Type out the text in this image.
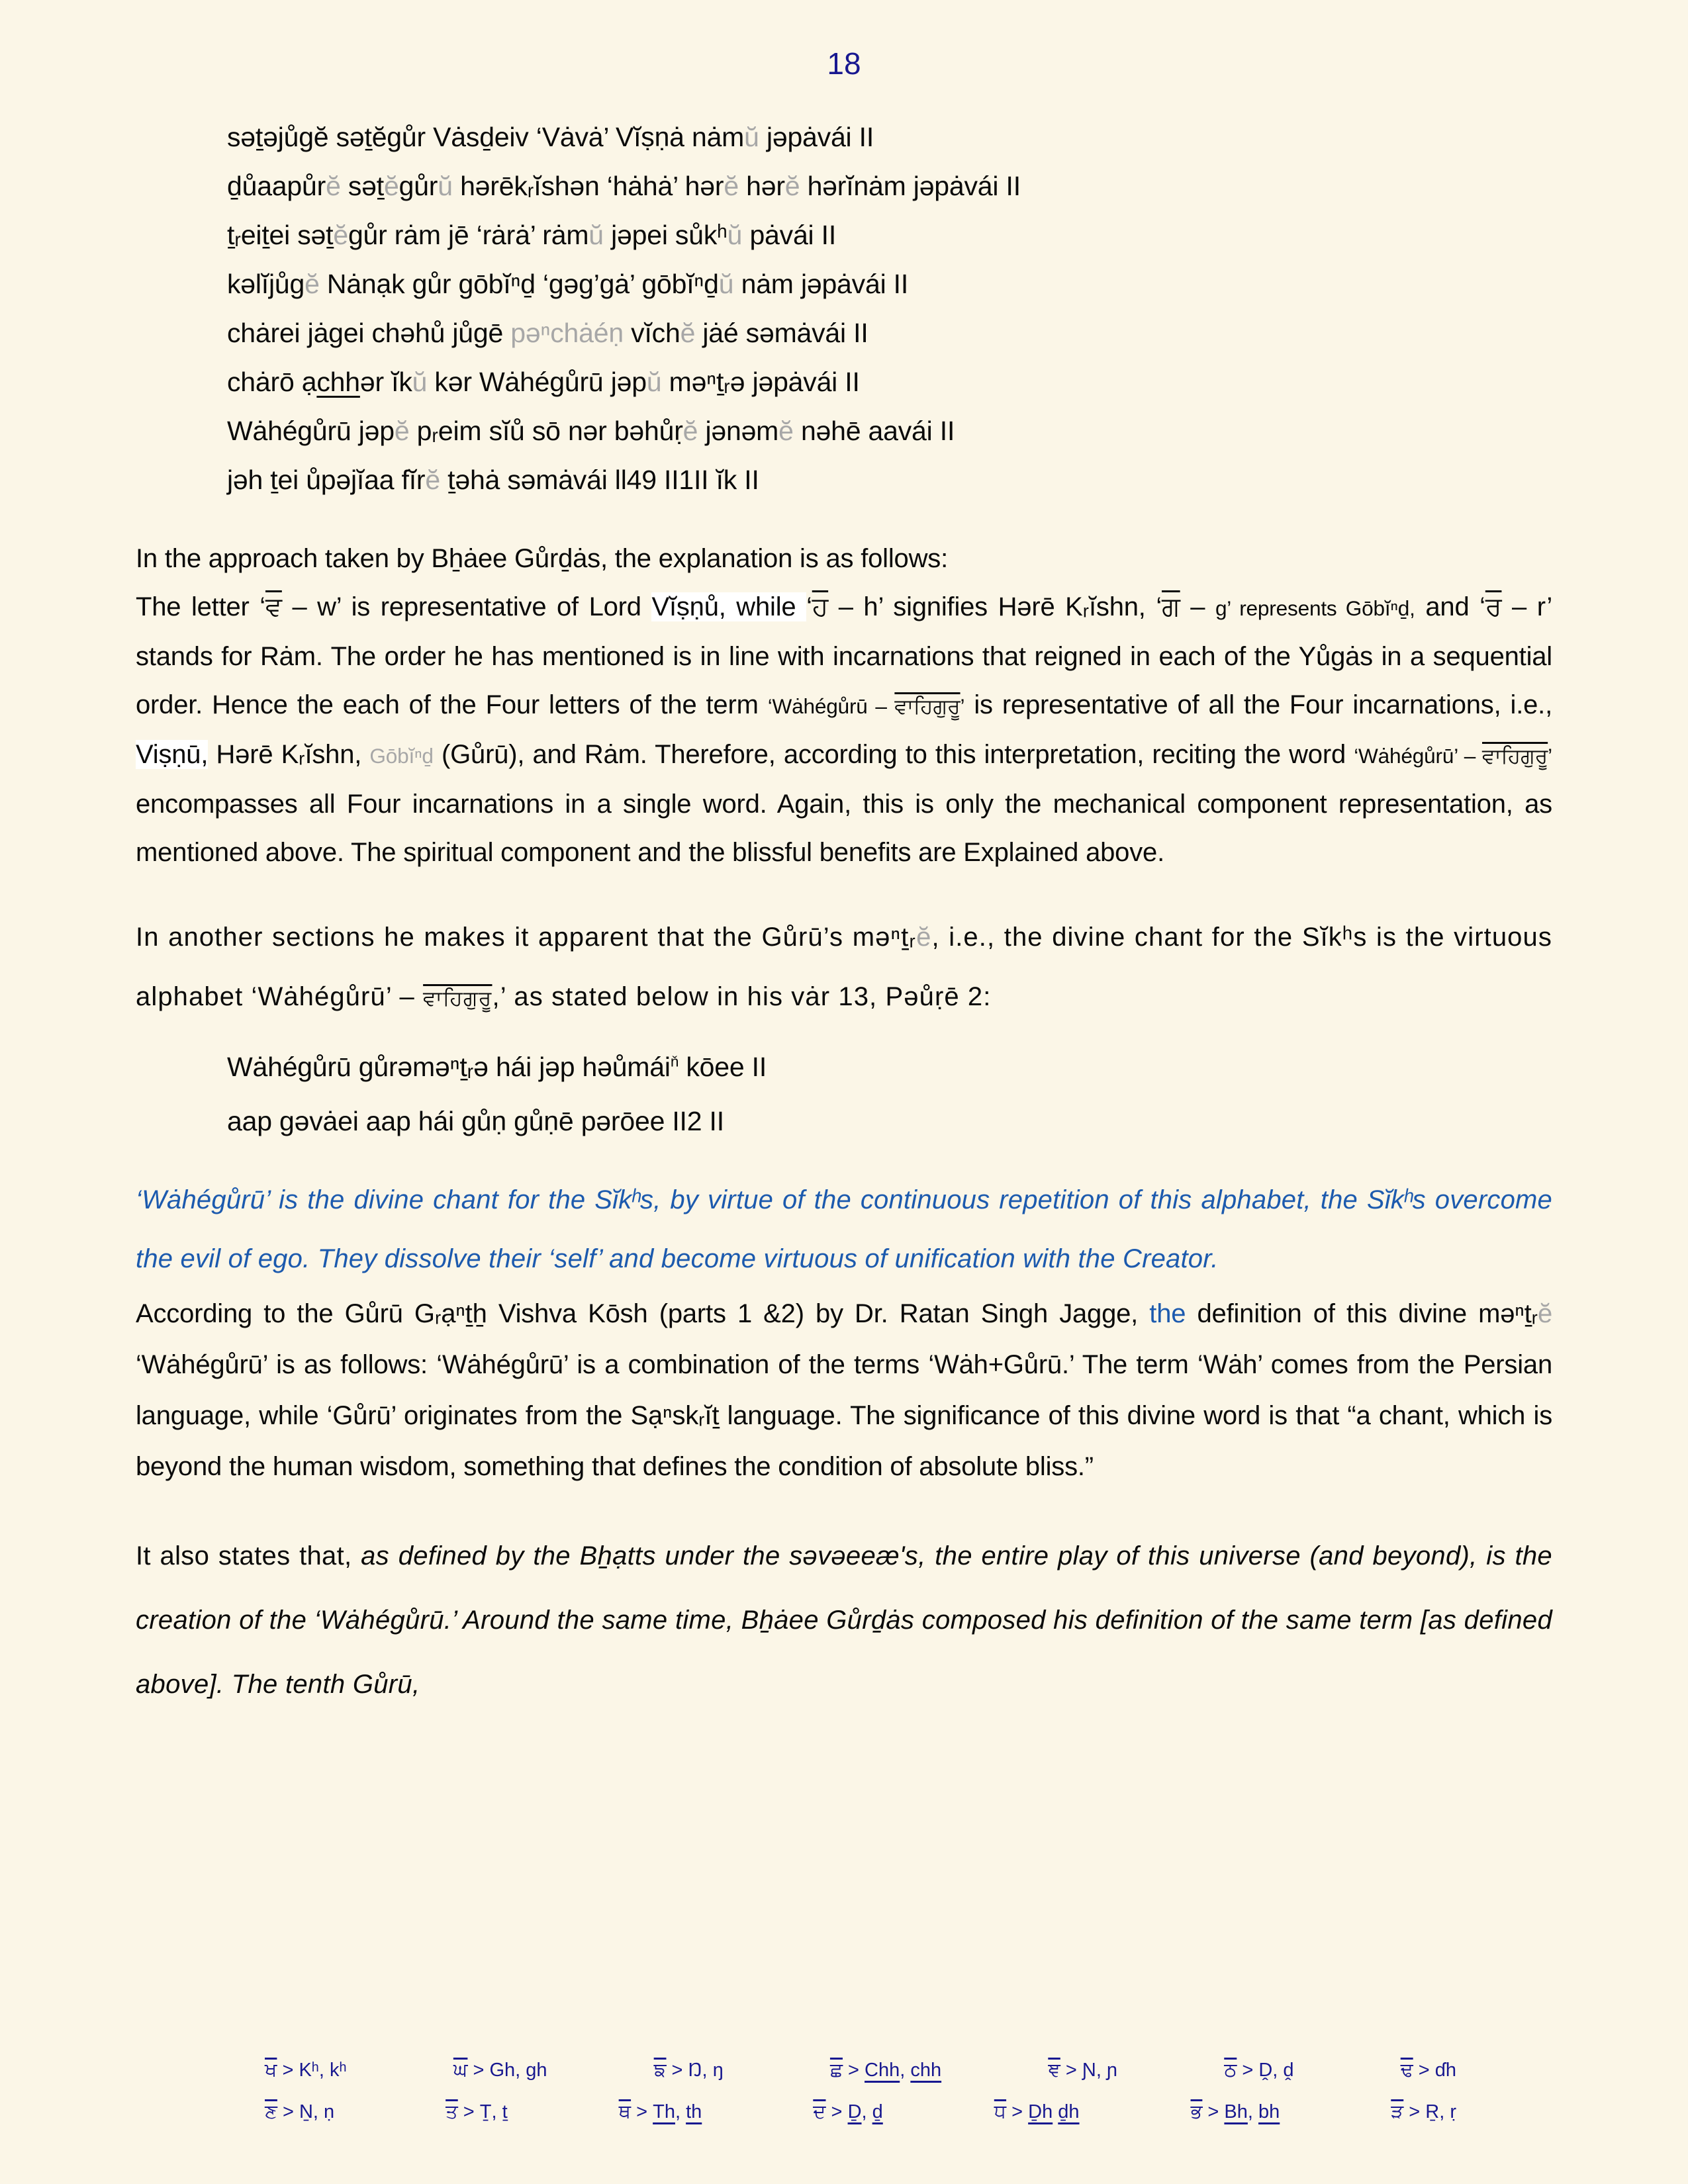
18
səṯəjůgĕ səṯĕgůr Vȧsḏeiv ‘Vȧvȧ’ Vĭṣṇȧ nȧmŭ jəpȧvái II
ḏůaapůrĕ səṯĕgůrŭ hərēkᵣĭshən ‘hȧhȧ’ hərĕ hərĕ hərĭnȧm jəpȧvái II
ṯᵣeiṯei səṯĕgůr rȧm jē ‘rȧrȧ’ rȧmŭ jəpei sůkʰŭ pȧvái II
kəlĭjůgĕ Nȧnạk gůr gōbĭⁿḏ ‘gəg’gȧ’ gōbĭⁿḏŭ nȧm jəpȧvái II
chȧrei jȧgei chəhů jůgē pəⁿchȧéṇ vĭchĕ jȧé səmȧvái II
chȧrō ạchhər ĭkŭ kər Wȧhégůrū jəpŭ məⁿṯᵣə jəpȧvái II
Wȧhégůrū jəpĕ pᵣeim sĭů sō nər bəhůṛĕ jənəmĕ nəhē aavái II
jəh ṯei ůpəjĭaa fĭrĕ ṯəhȧ səmȧvái ll49 II1II ĭk II

In the approach taken by Bẖȧee Gůrḏȧs, the explanation is as follows:

The letter ‘ਵ – w’ is representative of Lord Vĭṣṇů, while ‘ਹ – h’ signifies Hərē Kᵣĭshn, ‘ਗ – g’ represents Gōbĭⁿḏ, and ‘ਰ – r’ stands for Rȧm. The order he has mentioned is in line with incarnations that reigned in each of the Yůgȧs in a sequential order. Hence the each of the Four letters of the term ‘Wȧhégůrū – ਵਾਹਿਗੁਰੂ’ is representative of all the Four incarnations, i.e., Viṣṇū, Hərē Kᵣĭshn, Gōbĭⁿḏ (Gůrū), and Rȧm. Therefore, according to this interpretation, reciting the word ‘Wȧhégůrū’ – ਵਾਹਿਗੁਰੂ’ encompasses all Four incarnations in a single word. Again, this is only the mechanical component representation, as mentioned above. The spiritual component and the blissful benefits are Explained above.

In another sections he makes it apparent that the Gůrū’s məⁿṯᵣĕ, i.e., the divine chant for the Sĭkʰs is the virtuous alphabet ‘Wȧhégůrū’ – ਵਾਹਿਗੁਰੂ,’ as stated below in his vȧr 13, Pəůṛē 2:

Wȧhégůrū gůrəməⁿṯᵣə hái jəp həůmái$^ň$ kōee II
aap gəvȧei aap hái gůṇ gůṇē pərōee II2 II

‘Wȧhégůrū’ is the divine chant for the Sĭkʰs, by virtue of the continuous repetition of this alphabet, the Sĭkʰs overcome the evil of ego. They dissolve their ‘self’ and become virtuous of unification with the Creator.

According to the Gůrū Gᵣạⁿṯẖ Vishva Kōsh (parts 1 &2) by Dr. Ratan Singh Jagge, the definition of this divine məⁿṯᵣĕ ‘Wȧhégůrū’ is as follows: ‘Wȧhégůrū’ is a combination of the terms ‘Wȧh+Gůrū.’ The term ‘Wȧh’ comes from the Persian language, while ‘Gůrū’ originates from the Sạⁿskᵣĭṯ language. The significance of this divine word is that “a chant, which is beyond the human wisdom, something that defines the condition of absolute bliss.”

It also states that, as defined by the Bẖạtts under the səvəeeæ's, the entire play of this universe (and beyond), is the creation of the ‘Wȧhégůrū.’ Around the same time, Bẖȧee Gůrḏȧs composed his definition of the same term [as defined above]. The tenth Gůrū,

ਖ > Kʰ, kʰ	ਘ > Gh, gh	ਙ > Ŋ, ŋ	ਛ > Chh, chh	ਞ > Ɲ, ɲ	ਠ > Ḓ, ḓ	ਢ > ɗh
ਣ > Ṉ, ṇ	ਤ > Ṯ, ṯ	ਥ > Th, th	ਦ > Ḏ, ḏ	ਧ > Ḏh ḏh	ਭ > Bh, bh	ੜ > Ṟ, ṛ
